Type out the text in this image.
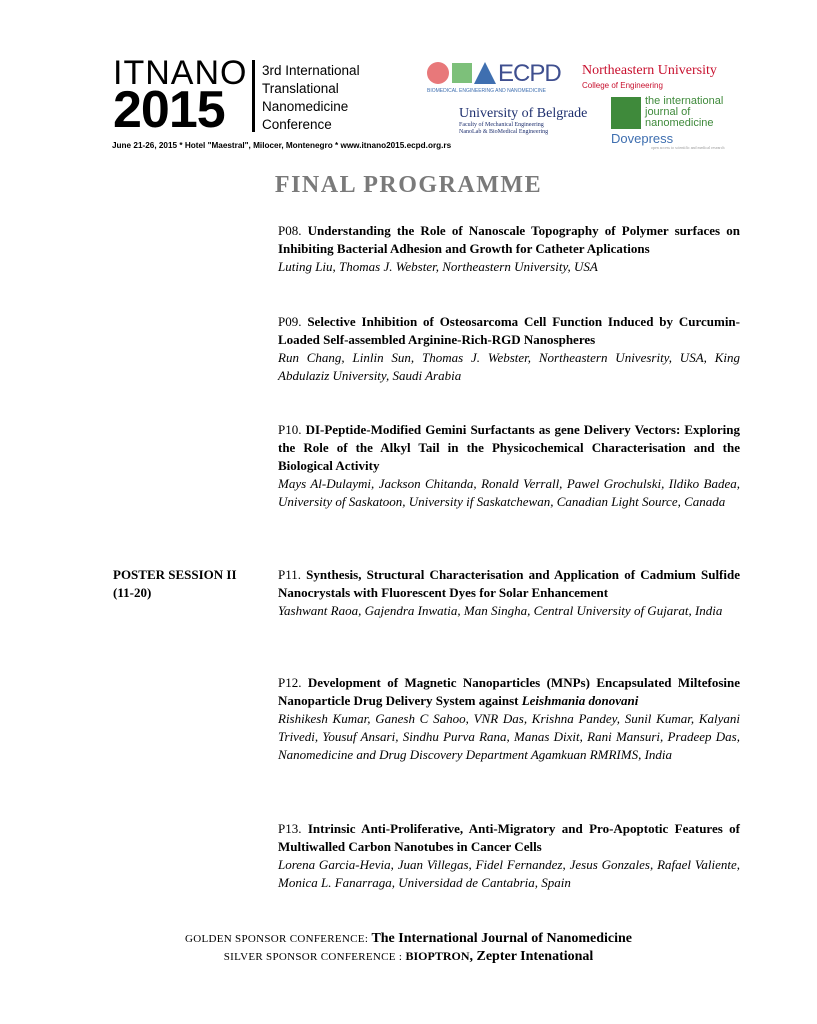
ITNANO
2015
3rd International
Translational
Nanomedicine
Conference
June 21-26, 2015 * Hotel "Maestral", Milocer, Montenegro * www.itnano2015.ecpd.org.rs
ECPD
BIOMEDICAL ENGINEERING AND NANOMEDICINE
Northeastern University
College of Engineering
University of Belgrade
Faculty of Mechanical Engineering
NanoLab & BioMedical Engineering
the international
journal of
nanomedicine
Dovepress
open access to scientific and medical research
FINAL PROGRAMME
P08. Understanding the Role of Nanoscale Topography of Polymer surfaces on Inhibiting Bacterial Adhesion and Growth for Catheter Aplications
Luting Liu, Thomas J. Webster, Northeastern University, USA
P09. Selective Inhibition of Osteosarcoma Cell Function Induced by Curcumin-Loaded Self-assembled Arginine-Rich-RGD Nanospheres
Run Chang, Linlin Sun, Thomas J. Webster, Northeastern Univesrity, USA, King Abdulaziz University, Saudi Arabia
P10. DI-Peptide-Modified Gemini Surfactants as gene Delivery Vectors: Exploring the Role of the Alkyl Tail in the Physicochemical Characterisation and the Biological Activity
Mays Al-Dulaymi, Jackson Chitanda, Ronald Verrall, Pawel Grochulski, Ildiko Badea, University of Saskatoon, University if Saskatchewan, Canadian Light Source, Canada
POSTER SESSION II
(11-20)
P11. Synthesis, Structural Characterisation and Application of Cadmium Sulfide Nanocrystals with Fluorescent Dyes for Solar Enhancement
Yashwant Raoa, Gajendra Inwatia, Man Singha, Central University of Gujarat, India
P12. Development of Magnetic Nanoparticles (MNPs) Encapsulated Miltefosine Nanoparticle Drug Delivery System against Leishmania donovani
Rishikesh Kumar, Ganesh C Sahoo, VNR Das, Krishna Pandey, Sunil Kumar, Kalyani Trivedi, Yousuf Ansari, Sindhu Purva Rana, Manas Dixit, Rani Mansuri, Pradeep Das, Nanomedicine and Drug Discovery Department Agamkuan RMRIMS, India
P13. Intrinsic Anti-Proliferative, Anti-Migratory and Pro-Apoptotic Features of Multiwalled Carbon Nanotubes in Cancer Cells
Lorena Garcia-Hevia, Juan Villegas, Fidel Fernandez, Jesus Gonzales, Rafael Valiente, Monica L. Fanarraga, Universidad de Cantabria, Spain
GOLDEN SPONSOR CONFERENCE: The International Journal of Nanomedicine
SILVER SPONSOR CONFERENCE : BIOPTRON, Zepter Intenational
